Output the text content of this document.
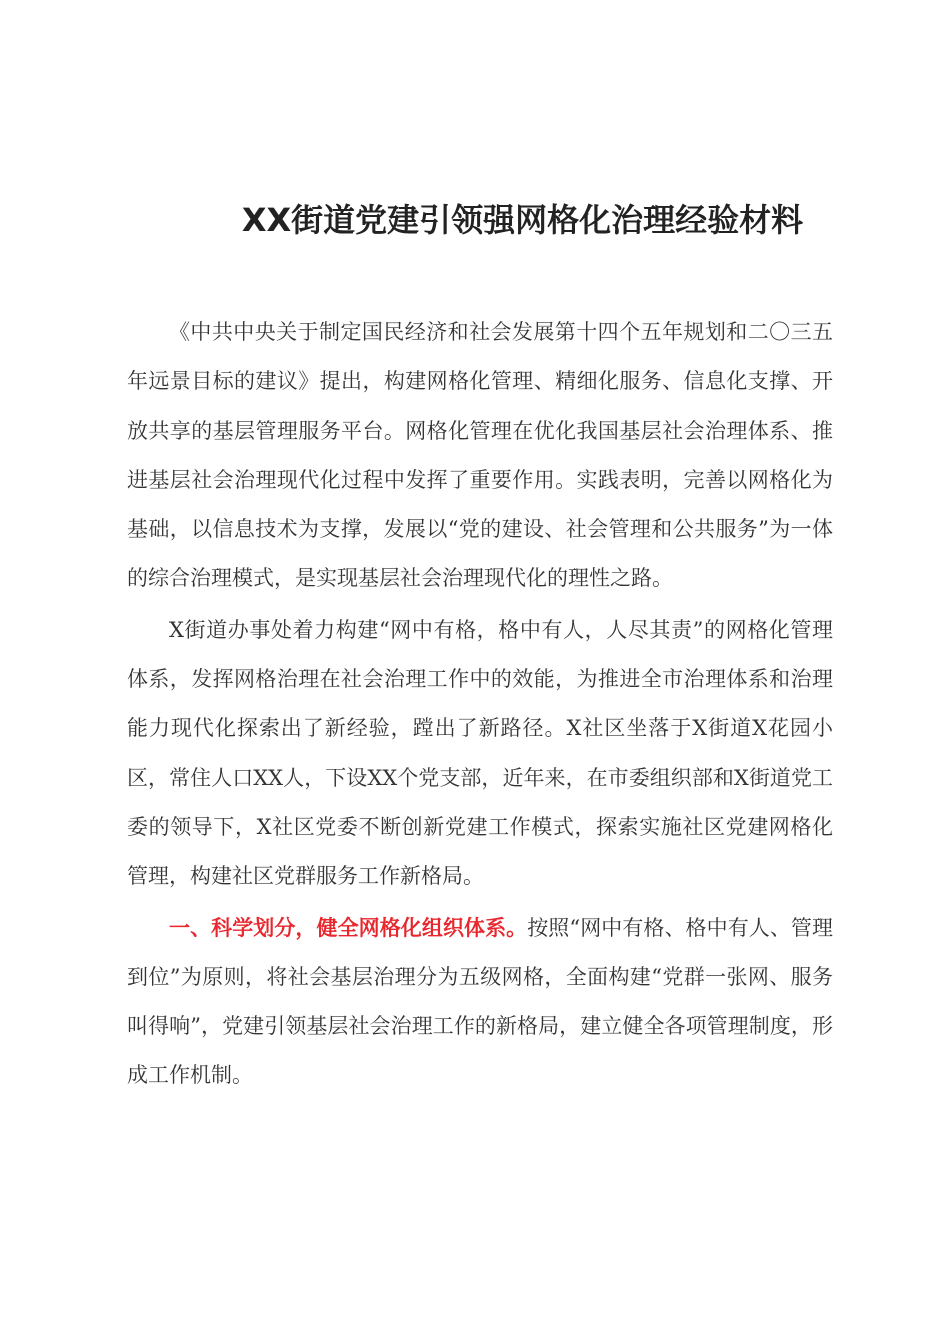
XX街道党建引领强网格化治理经验材料

《中共中央关于制定国民经济和社会发展第十四个五年规划和二〇三五年远景目标的建议》提出，构建网格化管理、精细化服务、信息化支撑、开放共享的基层管理服务平台。网格化管理在优化我国基层社会治理体系、推进基层社会治理现代化过程中发挥了重要作用。实践表明，完善以网格化为基础，以信息技术为支撑，发展以“党的建设、社会管理和公共服务”为一体的综合治理模式，是实现基层社会治理现代化的理性之路。

X街道办事处着力构建“网中有格，格中有人，人尽其责”的网格化管理体系，发挥网格治理在社会治理工作中的效能，为推进全市治理体系和治理能力现代化探索出了新经验，蹚出了新路径。X社区坐落于X街道X花园小区，常住人口XX人，下设XX个党支部，近年来，在市委组织部和X街道党工委的领导下，X社区党委不断创新党建工作模式，探索实施社区党建网格化管理，构建社区党群服务工作新格局。

一、科学划分，健全网格化组织体系。按照“网中有格、格中有人、管理到位”为原则，将社会基层治理分为五级网格，全面构建“党群一张网、服务叫得响”，党建引领基层社会治理工作的新格局，建立健全各项管理制度，形成工作机制。
